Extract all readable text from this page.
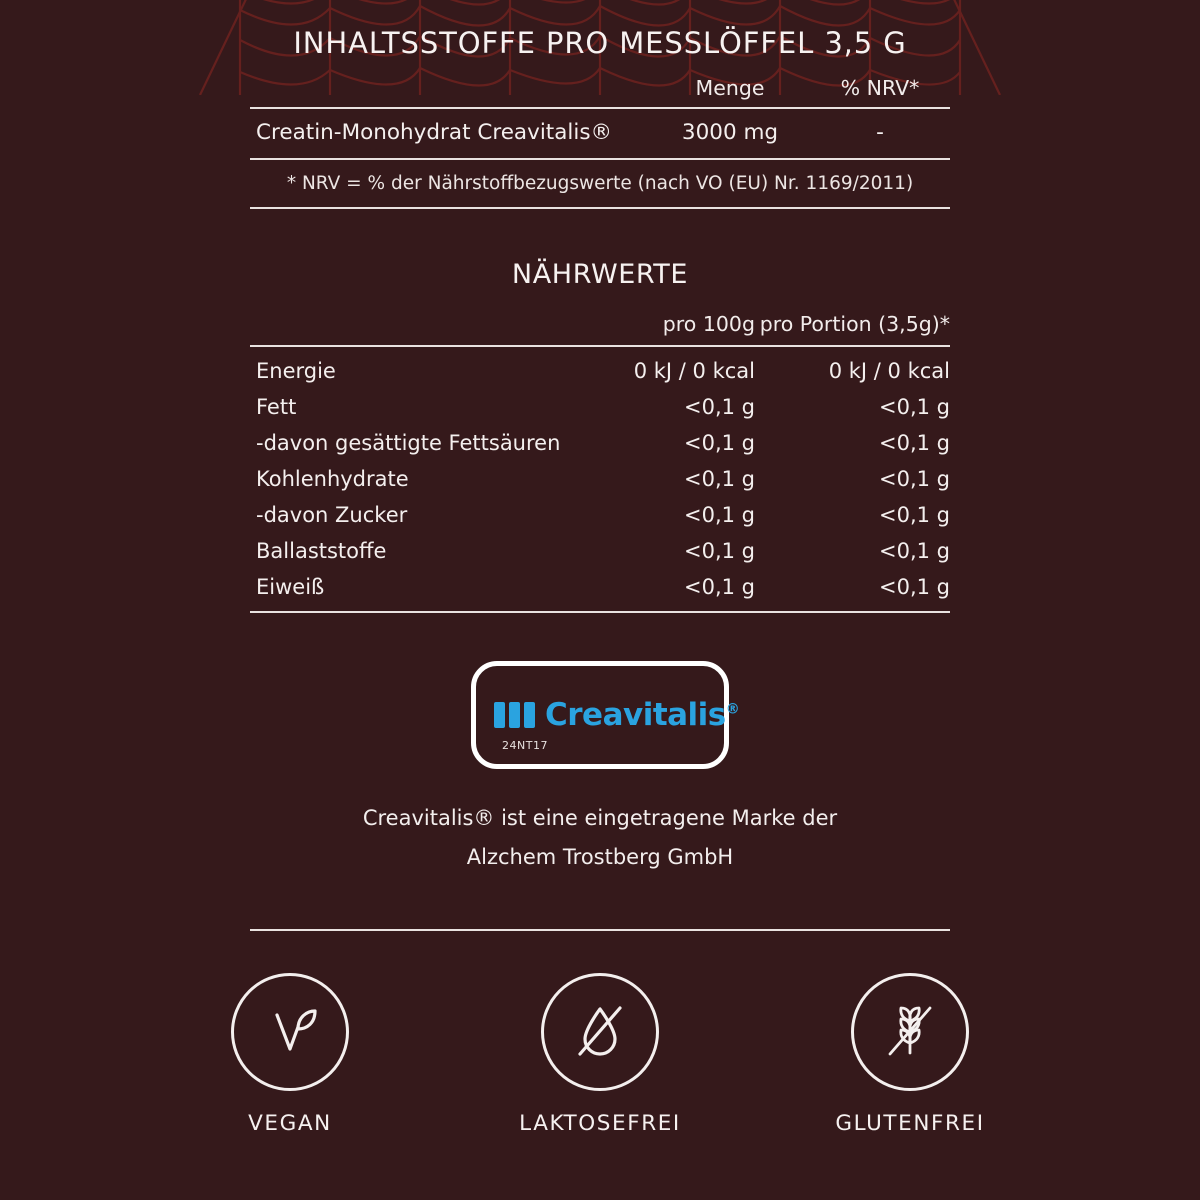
INHALTSSTOFFE PRO MESSLÖFFEL 3,5 G
	Menge	% NRV*
Creatin-Monohydrat Creavitalis®	3000 mg	-
* NRV = % der Nährstoffbezugswerte (nach VO (EU) Nr. 1169/2011)		
NÄHRWERTE
	pro 100g	pro Portion (3,5g)*
Energie	0 kJ / 0 kcal	0 kJ / 0 kcal
Fett	<0,1 g	<0,1 g
-davon gesättigte Fettsäuren	<0,1 g	<0,1 g
Kohlenhydrate	<0,1 g	<0,1 g
-davon Zucker	<0,1 g	<0,1 g
Ballaststoffe	<0,1 g	<0,1 g
Eiweiß	<0,1 g	<0,1 g
Creavitalis®
24NT17
Creavitalis® ist eine eingetragene Marke der
Alzchem Trostberg GmbH
VEGAN	LAKTOSEFREI	GLUTENFREI
